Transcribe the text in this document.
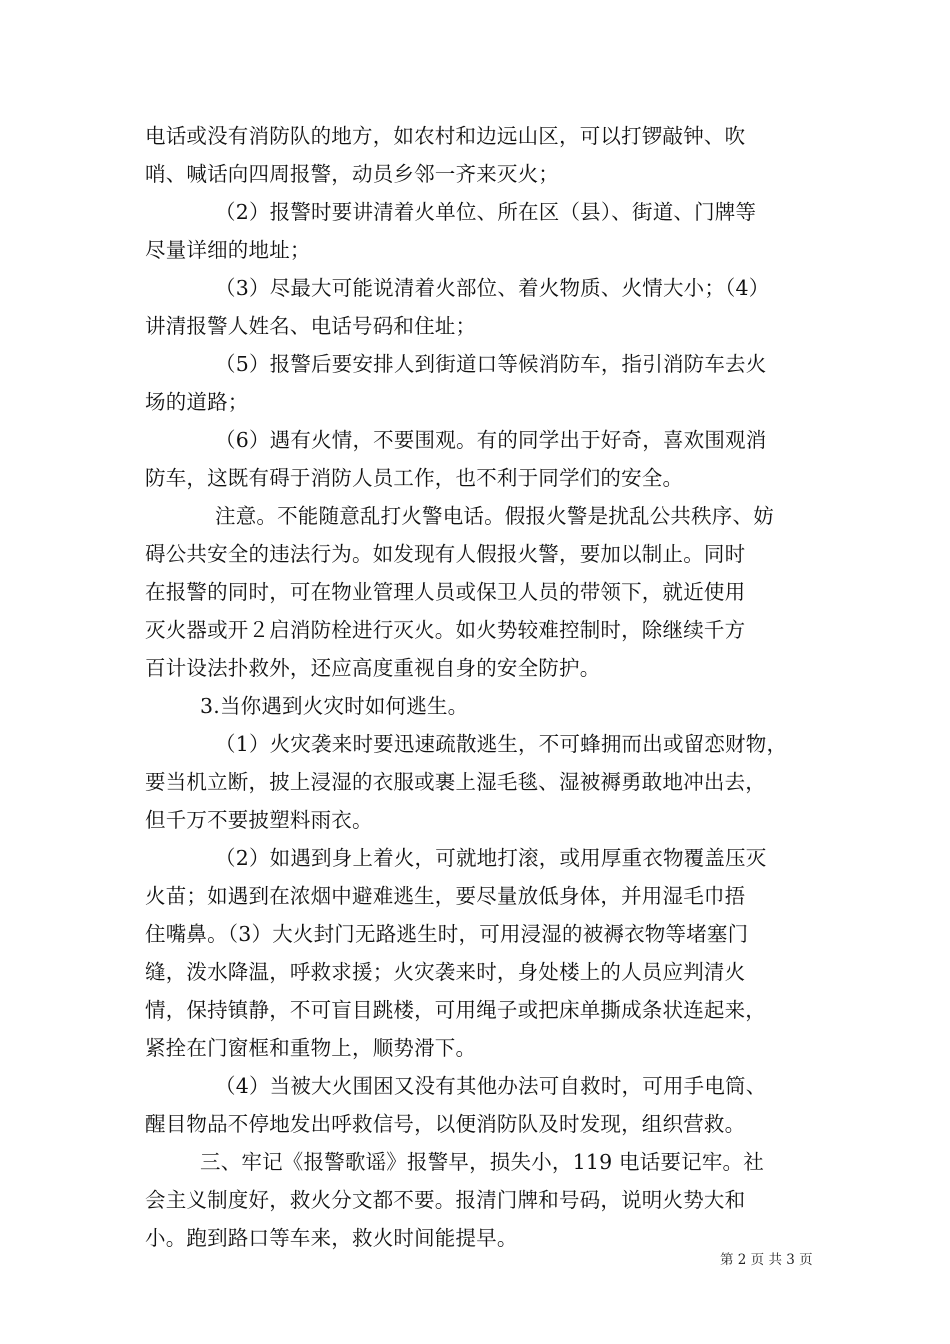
电话或没有消防队的地方，如农村和边远山区，可以打锣敲钟、吹
哨、喊话向四周报警，动员乡邻一齐来灭火；
（2）报警时要讲清着火单位、所在区（县）、街道、门牌等
尽量详细的地址；
（3）尽最大可能说清着火部位、着火物质、火情大小；（4）
讲清报警人姓名、电话号码和住址；
（5）报警后要安排人到街道口等候消防车，指引消防车去火
场的道路；
（6）遇有火情，不要围观。有的同学出于好奇，喜欢围观消
防车，这既有碍于消防人员工作，也不利于同学们的安全。
注意。不能随意乱打火警电话。假报火警是扰乱公共秩序、妨
碍公共安全的违法行为。如发现有人假报火警，要加以制止。同时
在报警的同时，可在物业管理人员或保卫人员的带领下，就近使用
灭火器或开２启消防栓进行灭火。如火势较难控制时，除继续千方
百计设法扑救外，还应高度重视自身的安全防护。
3.当你遇到火灾时如何逃生。
（1）火灾袭来时要迅速疏散逃生，不可蜂拥而出或留恋财物，
要当机立断，披上浸湿的衣服或裹上湿毛毯、湿被褥勇敢地冲出去，
但千万不要披塑料雨衣。
（2）如遇到身上着火，可就地打滚，或用厚重衣物覆盖压灭
火苗；如遇到在浓烟中避难逃生，要尽量放低身体，并用湿毛巾捂
住嘴鼻。（3）大火封门无路逃生时，可用浸湿的被褥衣物等堵塞门
缝，泼水降温，呼救求援；火灾袭来时，身处楼上的人员应判清火
情，保持镇静，不可盲目跳楼，可用绳子或把床单撕成条状连起来，
紧拴在门窗框和重物上，顺势滑下。
（4）当被大火围困又没有其他办法可自救时，可用手电筒、
醒目物品不停地发出呼救信号，以便消防队及时发现，组织营救。
三、牢记《报警歌谣》报警早，损失小，119 电话要记牢。社
会主义制度好，救火分文都不要。报清门牌和号码，说明火势大和
小。跑到路口等车来，救火时间能提早。
第 2 页 共 3 页
